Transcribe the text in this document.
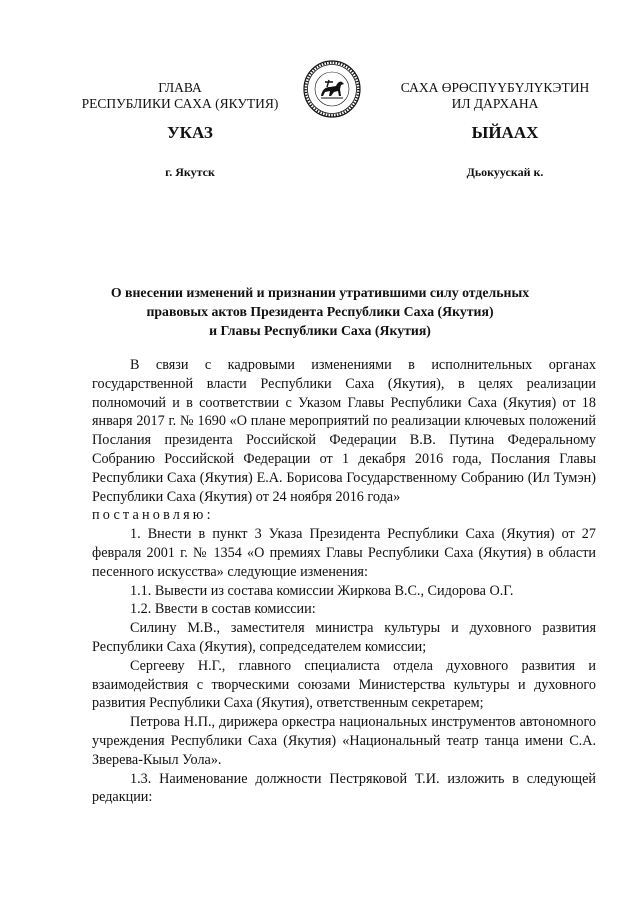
ГЛАВА
РЕСПУБЛИКИ САХА (ЯКУТИЯ)
САХА ӨРӨСПҮҮБҮЛҮКЭТИН
ИЛ ДАРХАНА
УКАЗ	ЫЙААХ
г. Якутск	Дьокуускай к.
О внесении изменений и признании утратившими силу отдельных
правовых актов Президента Республики Саха (Якутия)
и Главы Республики Саха (Якутия)

В связи с кадровыми изменениями в исполнительных органах государственной власти Республики Саха (Якутия), в целях реализации полномочий и в соответствии с Указом Главы Республики Саха (Якутия) от 18 января 2017 г. № 1690 «О плане мероприятий по реализации ключевых положений Послания президента Российской Федерации В.В. Путина Федеральному Собранию Российской Федерации от 1 декабря 2016 года, Послания Главы Республики Саха (Якутия) Е.А. Борисова Государственному Собранию (Ил Тумэн) Республики Саха (Якутия) от 24 ноября 2016 года»

постановляю:

1. Внести в пункт 3 Указа Президента Республики Саха (Якутия) от 27 февраля 2001 г. № 1354 «О премиях Главы Республики Саха (Якутия) в области песенного искусства» следующие изменения:

1.1. Вывести из состава комиссии Жиркова В.С., Сидорова О.Г.

1.2. Ввести в состав комиссии:

Силину М.В., заместителя министра культуры и духовного развития Республики Саха (Якутия), сопредседателем комиссии;

Сергееву Н.Г., главного специалиста отдела духовного развития и взаимодействия с творческими союзами Министерства культуры и духовного развития Республики Саха (Якутия), ответственным секретарем;

Петрова Н.П., дирижера оркестра национальных инструментов автономного учреждения Республики Саха (Якутия) «Национальный театр танца имени С.А. Зверева-Кыыл Уола».

1.3. Наименование должности Пестряковой Т.И. изложить в следующей редакции:
